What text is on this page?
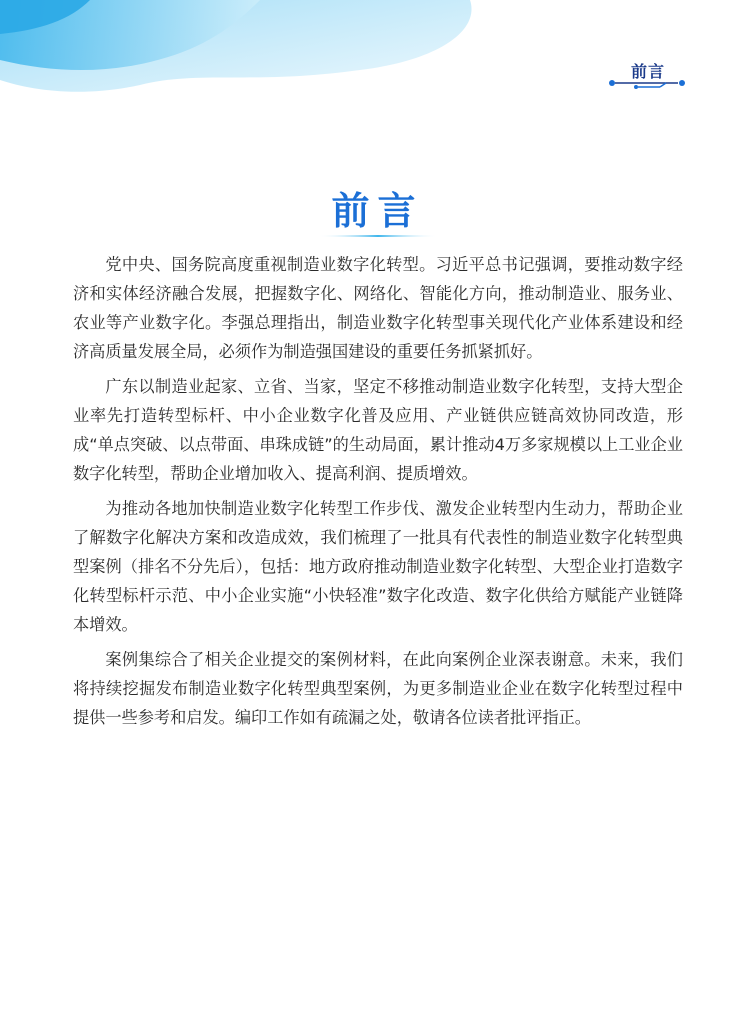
前言
前言

党中央、国务院高度重视制造业数字化转型。习近平总书记强调，要推动数字经济和实体经济融合发展，把握数字化、网络化、智能化方向，推动制造业、服务业、农业等产业数字化。李强总理指出，制造业数字化转型事关现代化产业体系建设和经济高质量发展全局，必须作为制造强国建设的重要任务抓紧抓好。

广东以制造业起家、立省、当家，坚定不移推动制造业数字化转型，支持大型企业率先打造转型标杆、中小企业数字化普及应用、产业链供应链高效协同改造，形成“单点突破、以点带面、串珠成链”的生动局面，累计推动4万多家规模以上工业企业数字化转型，帮助企业增加收入、提高利润、提质增效。

为推动各地加快制造业数字化转型工作步伐、激发企业转型内生动力，帮助企业了解数字化解决方案和改造成效，我们梳理了一批具有代表性的制造业数字化转型典型案例（排名不分先后），包括：地方政府推动制造业数字化转型、大型企业打造数字化转型标杆示范、中小企业实施“小快轻准”数字化改造、数字化供给方赋能产业链降本增效。

案例集综合了相关企业提交的案例材料，在此向案例企业深表谢意。未来，我们将持续挖掘发布制造业数字化转型典型案例，为更多制造业企业在数字化转型过程中提供一些参考和启发。编印工作如有疏漏之处，敬请各位读者批评指正。
